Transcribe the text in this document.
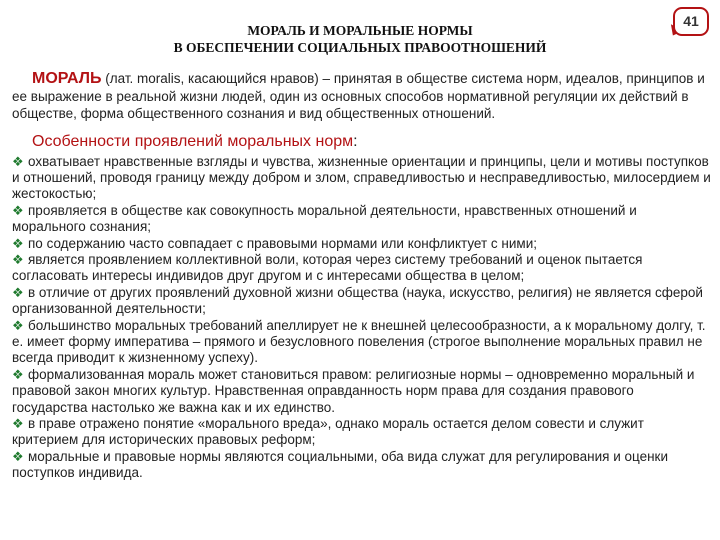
МОРАЛЬ И МОРАЛЬНЫЕ НОРМЫ
В ОБЕСПЕЧЕНИИ СОЦИАЛЬНЫХ ПРАВООТНОШЕНИЙ
41

МОРАЛЬ (лат. moralis, касающийся нравов) – принятая в обществе система норм, идеалов, принципов и ее выражение в реальной жизни людей, один из основных способов нормативной регуляции их действий в обществе, форма общественного сознания и вид общественных отношений.

Особенности проявлений моральных норм:
❖ охватывает нравственные взгляды и чувства, жизненные ориентации и принципы, цели и мотивы поступков и отношений, проводя границу между добром и злом, справедливостью и несправедливостью, милосердием и жестокостью;
❖ проявляется в обществе как совокупность моральной деятельности, нравственных отношений и морального сознания;
❖ по содержанию часто совпадает с правовыми нормами или конфликтует с ними;
❖ является проявлением коллективной воли, которая через систему требований и оценок пытается согласовать интересы индивидов друг другом и с интересами общества в целом;
❖ в отличие от других проявлений духовной жизни общества (наука, искусство, религия) не является сферой организованной деятельности;
❖ большинство моральных требований апеллирует не к внешней целесообразности, а к моральному долгу, т. е. имеет форму императива – прямого и безусловного повеления (строгое выполнение моральных правил не всегда приводит к жизненному успеху).
❖ формализованная мораль может становиться правом: религиозные нормы – одновременно моральный и правовой закон многих культур. Нравственная оправданность норм права для создания правового государства настолько же важна как и их единство.
❖ в праве отражено понятие «морального вреда», однако мораль остается делом совести и служит критерием для исторических правовых реформ;
❖ моральные и правовые нормы являются социальными, оба вида служат для регулирования и оценки поступков индивида.
